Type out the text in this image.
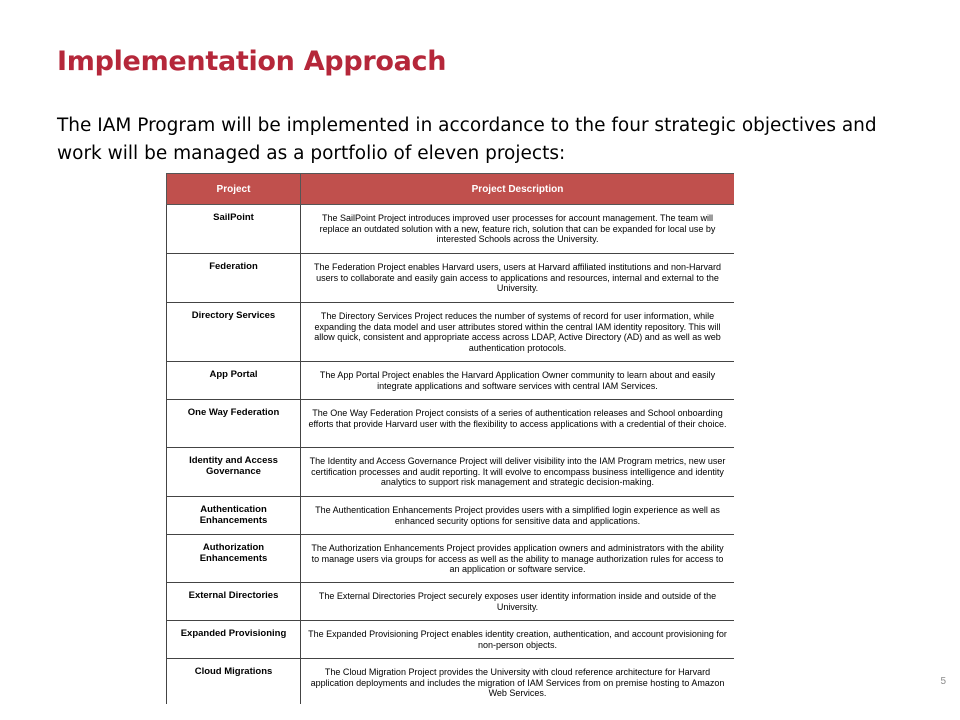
Implementation Approach

The IAM Program will be implemented in accordance to the four strategic objectives and work will be managed as a portfolio of eleven projects:

Project	Project Description
SailPoint	The SailPoint Project introduces improved user processes for account management. The team will replace an outdated solution with a new, feature rich, solution that can be expanded for local use by interested Schools across the University.
Federation	The Federation Project enables Harvard users, users at Harvard affiliated institutions and non-Harvard users to collaborate and easily gain access to applications and resources, internal and external to the University.
Directory Services	The Directory Services Project reduces the number of systems of record for user information, while expanding the data model and user attributes stored within the central IAM identity repository. This will allow quick, consistent and appropriate access across LDAP, Active Directory (AD) and as well as web authentication protocols.
App Portal	The App Portal Project enables the Harvard Application Owner community to learn about and easily integrate applications and software services with central IAM Services.
One Way Federation	The One Way Federation Project consists of a series of authentication releases and School onboarding efforts that provide Harvard user with the flexibility to access applications with a credential of their choice.
Identity and Access Governance	The Identity and Access Governance Project will deliver visibility into the IAM Program metrics, new user certification processes and audit reporting. It will evolve to encompass business intelligence and identity analytics to support risk management and strategic decision-making.
Authentication Enhancements	The Authentication Enhancements Project provides users with a simplified login experience as well as enhanced security options for sensitive data and applications.
Authorization Enhancements	The Authorization Enhancements Project provides application owners and administrators with the ability to manage users via groups for access as well as the ability to manage authorization rules for access to an application or software service.
External Directories	The External Directories Project securely exposes user identity information inside and outside of the University.
Expanded Provisioning	The Expanded Provisioning Project enables identity creation, authentication, and account provisioning for non-person objects.
Cloud Migrations	The Cloud Migration Project provides the University with cloud reference architecture for Harvard application deployments and includes the migration of IAM Services from on premise hosting to Amazon Web Services.
5
